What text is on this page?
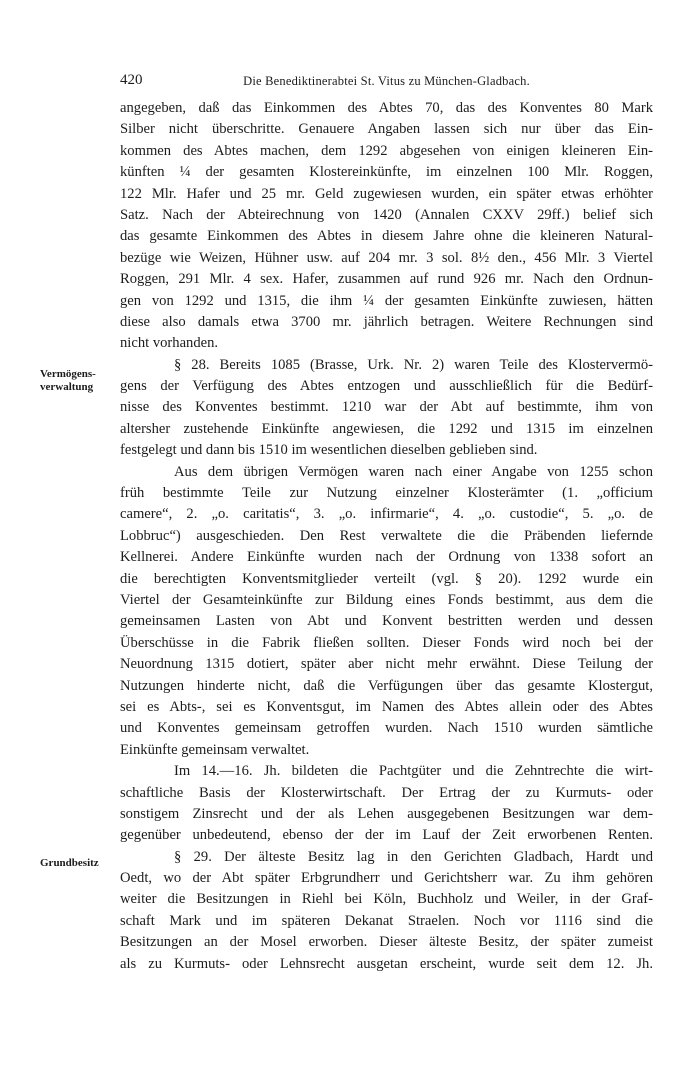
420	Die Benediktinerabtei St. Vitus zu München-Gladbach.
Vermögens-
verwaltung
Grundbesitz
angegeben, daß das Einkommen des Abtes 70, das des Konventes 80 Mark
Silber nicht überschritte. Genauere Angaben lassen sich nur über das Ein-
kommen des Abtes machen, dem 1292 abgesehen von einigen kleineren Ein-
künften ¼ der gesamten Klostereinkünfte, im einzelnen 100 Mlr. Roggen,
122 Mlr. Hafer und 25 mr. Geld zugewiesen wurden, ein später etwas erhöhter
Satz. Nach der Abteirechnung von 1420 (Annalen CXXV 29ff.) belief sich
das gesamte Einkommen des Abtes in diesem Jahre ohne die kleineren Natural-
bezüge wie Weizen, Hühner usw. auf 204 mr. 3 sol. 8½ den., 456 Mlr. 3 Viertel
Roggen, 291 Mlr. 4 sex. Hafer, zusammen auf rund 926 mr. Nach den Ordnun-
gen von 1292 und 1315, die ihm ¼ der gesamten Einkünfte zuwiesen, hätten
diese also damals etwa 3700 mr. jährlich betragen. Weitere Rechnungen sind
nicht vorhanden.
§ 28. Bereits 1085 (Brasse, Urk. Nr. 2) waren Teile des Klostervermö-
gens der Verfügung des Abtes entzogen und ausschließlich für die Bedürf-
nisse des Konventes bestimmt. 1210 war der Abt auf bestimmte, ihm von
altersher zustehende Einkünfte angewiesen, die 1292 und 1315 im einzelnen
festgelegt und dann bis 1510 im wesentlichen dieselben geblieben sind.
Aus dem übrigen Vermögen waren nach einer Angabe von 1255 schon
früh bestimmte Teile zur Nutzung einzelner Klosterämter (1. „officium
camere“, 2. „o. caritatis“, 3. „o. infirmarie“, 4. „o. custodie“, 5. „o. de
Lobbruc“) ausgeschieden. Den Rest verwaltete die die Präbenden liefernde
Kellnerei. Andere Einkünfte wurden nach der Ordnung von 1338 sofort an
die berechtigten Konventsmitglieder verteilt (vgl. § 20). 1292 wurde ein
Viertel der Gesamteinkünfte zur Bildung eines Fonds bestimmt, aus dem die
gemeinsamen Lasten von Abt und Konvent bestritten werden und dessen
Überschüsse in die Fabrik fließen sollten. Dieser Fonds wird noch bei der
Neuordnung 1315 dotiert, später aber nicht mehr erwähnt. Diese Teilung der
Nutzungen hinderte nicht, daß die Verfügungen über das gesamte Klostergut,
sei es Abts-, sei es Konventsgut, im Namen des Abtes allein oder des Abtes
und Konventes gemeinsam getroffen wurden. Nach 1510 wurden sämtliche
Einkünfte gemeinsam verwaltet.
Im 14.—16. Jh. bildeten die Pachtgüter und die Zehntrechte die wirt-
schaftliche Basis der Klosterwirtschaft. Der Ertrag der zu Kurmuts- oder
sonstigem Zinsrecht und der als Lehen ausgegebenen Besitzungen war dem-
gegenüber unbedeutend, ebenso der der im Lauf der Zeit erworbenen Renten.
§ 29. Der älteste Besitz lag in den Gerichten Gladbach, Hardt und
Oedt, wo der Abt später Erbgrundherr und Gerichtsherr war. Zu ihm gehören
weiter die Besitzungen in Riehl bei Köln, Buchholz und Weiler, in der Graf-
schaft Mark und im späteren Dekanat Straelen. Noch vor 1116 sind die
Besitzungen an der Mosel erworben. Dieser älteste Besitz, der später zumeist
als zu Kurmuts- oder Lehnsrecht ausgetan erscheint, wurde seit dem 12. Jh.
